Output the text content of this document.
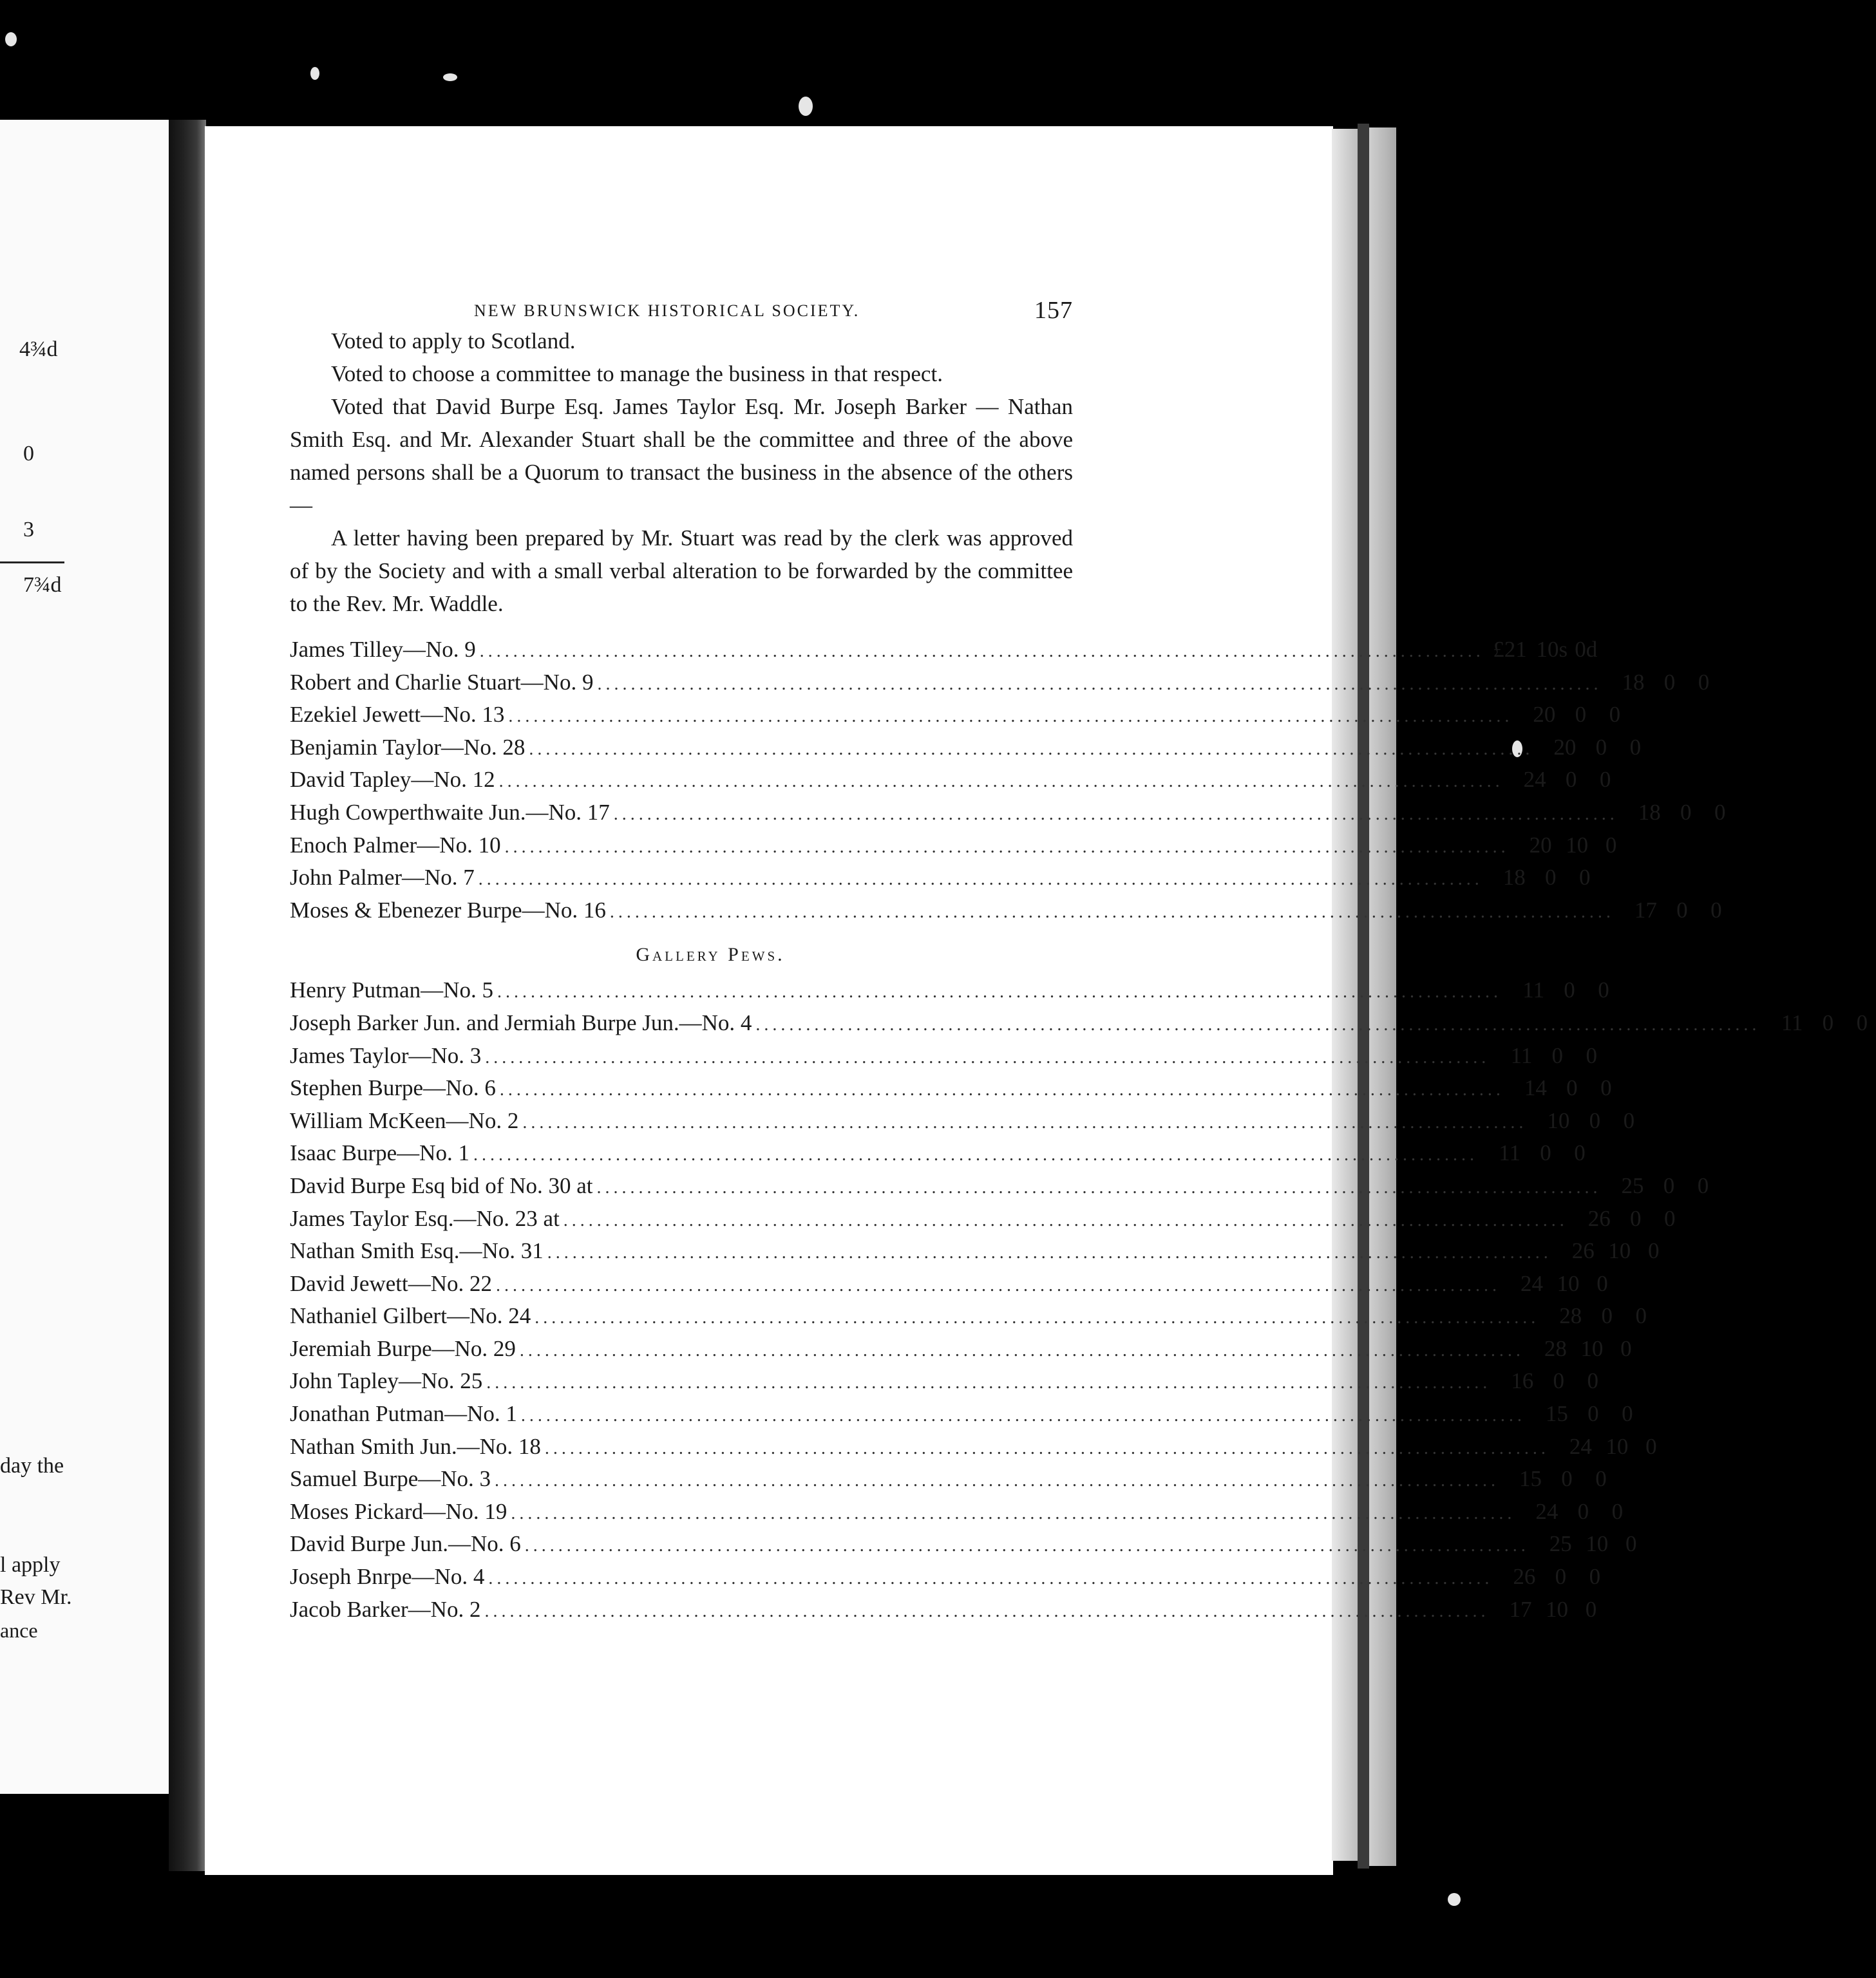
4¾d
0
3
7¾d
day the
l apply
Rev Mr.
ance
NEW BRUNSWICK HISTORICAL SOCIETY.	157

Voted to apply to Scotland.

Voted to choose a committee to manage the business in that respect.

Voted that David Burpe Esq. James Taylor Esq. Mr. Joseph Barker — Nathan Smith Esq. and Mr. Alexander Stuart shall be the committee and three of the above named persons shall be a Quorum to transact the business in the absence of the others —

A letter having been prepared by Mr. Stuart was read by the clerk was approved of by the Society and with a small verbal alteration to be forwarded by the committee to the Rev. Mr. Waddle.

James Tilley—No. 9 ........................................................................................................................ £21 10s 0d
Robert and Charlie Stuart—No. 9 ........................................................................................................................ 18 0	0
Ezekiel Jewett—No. 13 ........................................................................................................................ 20 0	0
Benjamin Taylor—No. 28 ........................................................................................................................ 20 0	0
David Tapley—No. 12 ........................................................................................................................ 24 0	0
Hugh Cowperthwaite Jun.—No. 17 ........................................................................................................................ 18 0	0
Enoch Palmer—No. 10 ........................................................................................................................ 20 10 0
John Palmer—No. 7 ........................................................................................................................ 18 0	0
Moses & Ebenezer Burpe—No. 16 ........................................................................................................................ 17 0	0
Gallery Pews.
Henry Putman—No. 5 ........................................................................................................................ 11 0	0
Joseph Barker Jun. and Jermiah Burpe Jun.—No. 4 ........................................................................................................................ 11 0	0
James Taylor—No. 3 ........................................................................................................................ 11 0	0
Stephen Burpe—No. 6 ........................................................................................................................ 14 0	0
William McKeen—No. 2 ........................................................................................................................ 10 0	0
Isaac Burpe—No. 1 ........................................................................................................................ 11 0	0
David Burpe Esq bid of No. 30 at ........................................................................................................................ 25 0	0
James Taylor Esq.—No. 23 at ........................................................................................................................ 26 0	0
Nathan Smith Esq.—No. 31 ........................................................................................................................ 26 10 0
David Jewett—No. 22 ........................................................................................................................ 24 10 0
Nathaniel Gilbert—No. 24 ........................................................................................................................ 28 0	0
Jeremiah Burpe—No. 29 ........................................................................................................................ 28 10 0
John Tapley—No. 25 ........................................................................................................................ 16 0	0
Jonathan Putman—No. 1 ........................................................................................................................ 15 0	0
Nathan Smith Jun.—No. 18 ........................................................................................................................ 24 10 0
Samuel Burpe—No. 3 ........................................................................................................................ 15 0	0
Moses Pickard—No. 19 ........................................................................................................................ 24 0	0
David Burpe Jun.—No. 6 ........................................................................................................................ 25 10 0
Joseph Bnrpe—No. 4 ........................................................................................................................ 26 0	0
Jacob Barker—No. 2 ........................................................................................................................ 17 10 0
